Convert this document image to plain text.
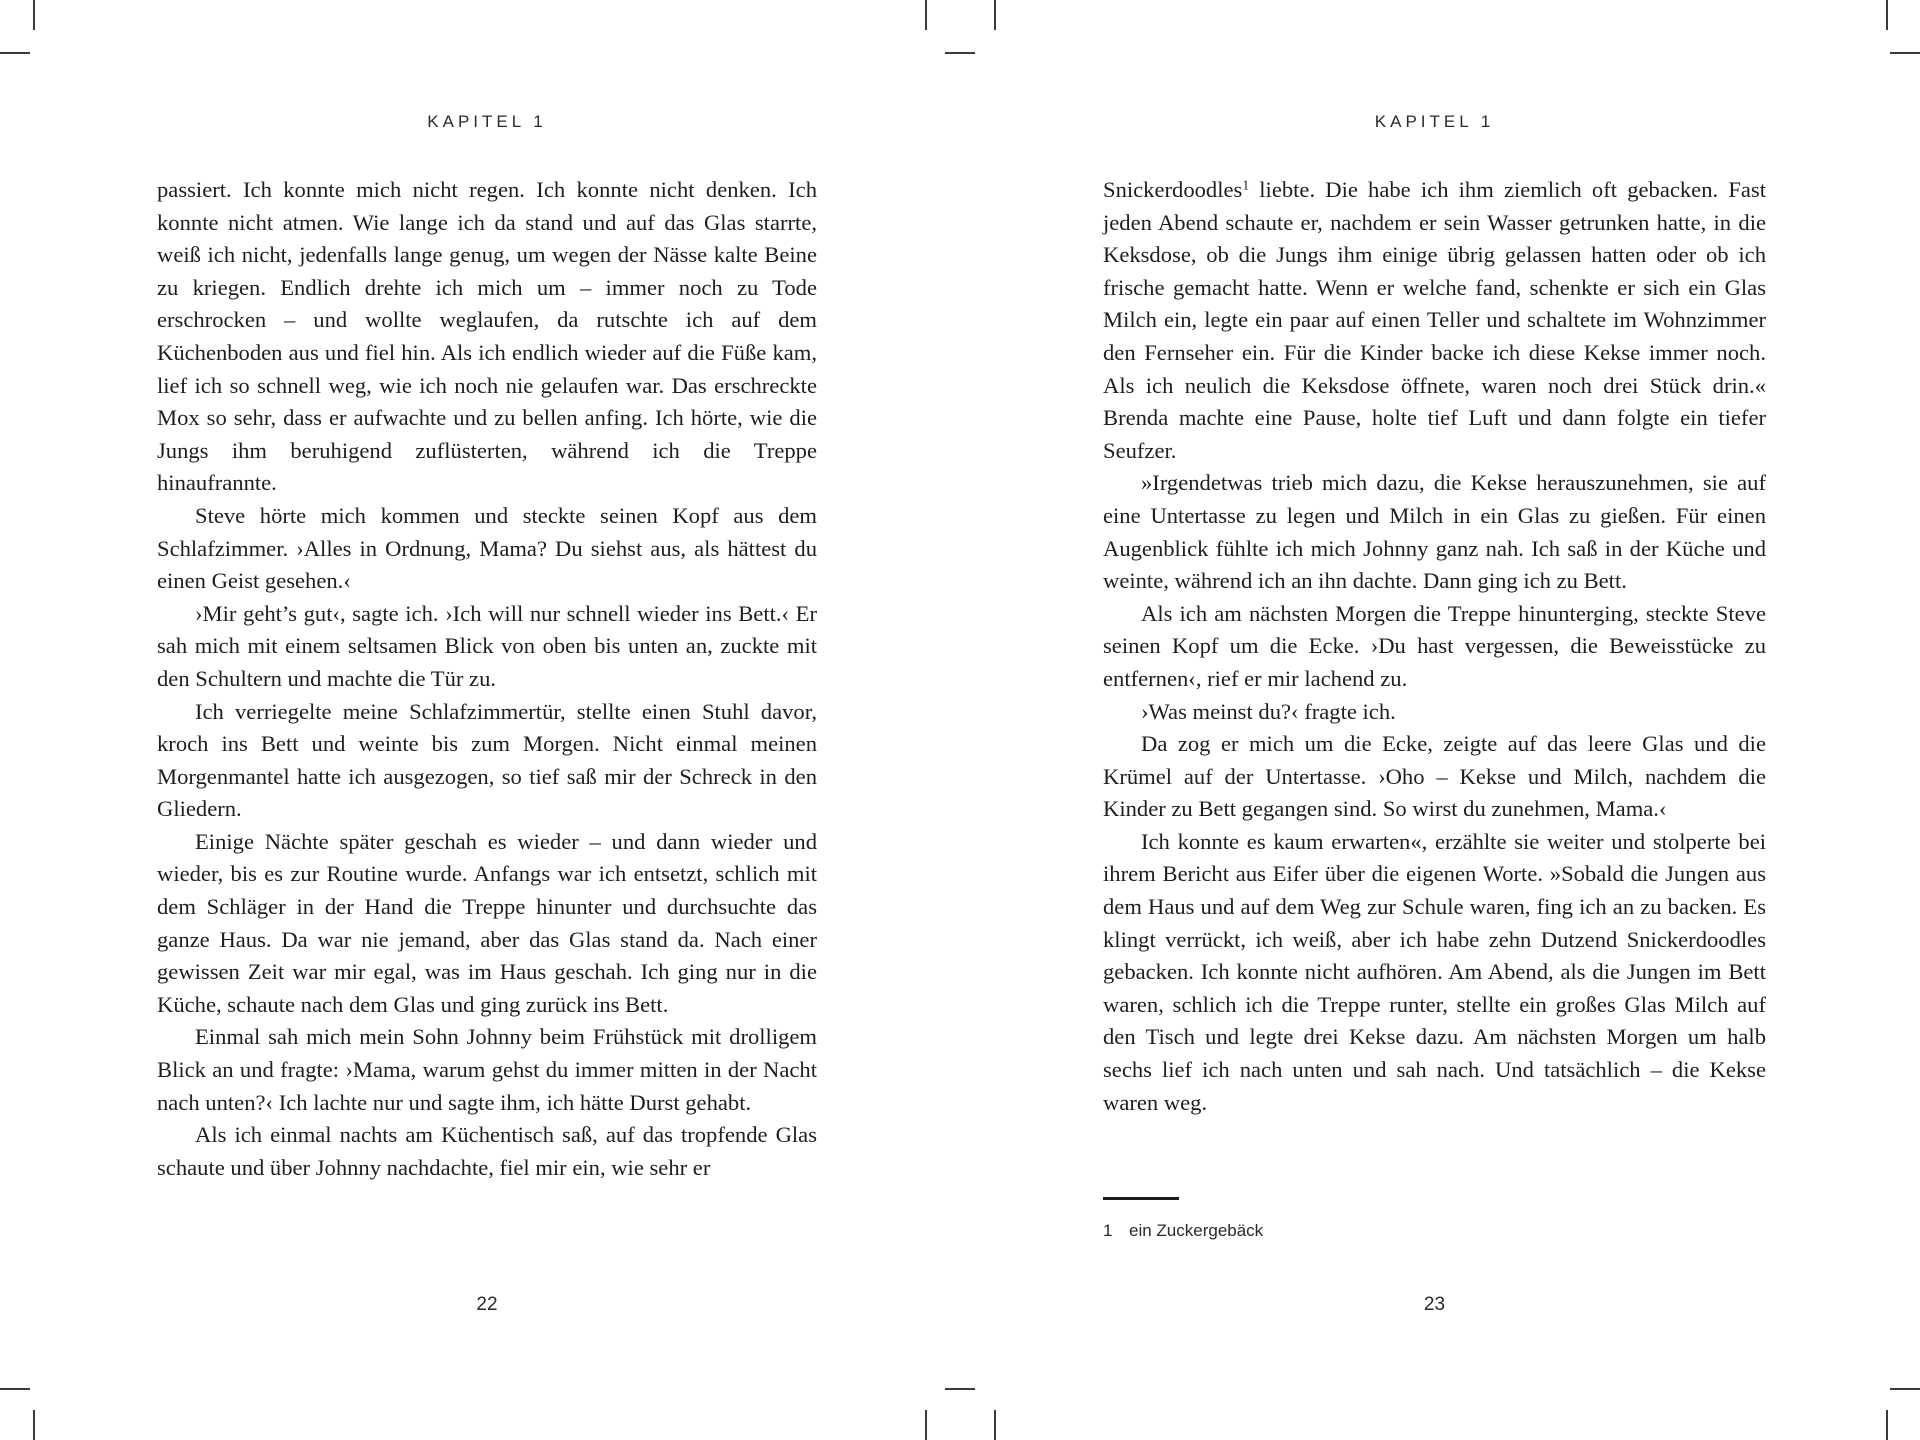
KAPITEL 1

passiert. Ich konnte mich nicht regen. Ich konnte nicht denken. Ich konnte nicht atmen. Wie lange ich da stand und auf das Glas starrte, weiß ich nicht, jedenfalls lange genug, um wegen der Nässe kalte Beine zu kriegen. Endlich drehte ich mich um – immer noch zu Tode erschrocken – und wollte weglaufen, da rutschte ich auf dem Küchenboden aus und fiel hin. Als ich endlich wieder auf die Füße kam, lief ich so schnell weg, wie ich noch nie gelaufen war. Das erschreckte Mox so sehr, dass er aufwachte und zu bellen anfing. Ich hörte, wie die Jungs ihm beruhigend zuflüsterten, während ich die Treppe hinaufrannte.

Steve hörte mich kommen und steckte seinen Kopf aus dem Schlafzimmer. ›Alles in Ordnung, Mama? Du siehst aus, als hättest du einen Geist gesehen.‹

›Mir geht’s gut‹, sagte ich. ›Ich will nur schnell wieder ins Bett.‹ Er sah mich mit einem seltsamen Blick von oben bis unten an, zuckte mit den Schultern und machte die Tür zu.

Ich verriegelte meine Schlafzimmertür, stellte einen Stuhl davor, kroch ins Bett und weinte bis zum Morgen. Nicht einmal meinen Morgenmantel hatte ich ausgezogen, so tief saß mir der Schreck in den Gliedern.

Einige Nächte später geschah es wieder – und dann wieder und wieder, bis es zur Routine wurde. Anfangs war ich entsetzt, schlich mit dem Schläger in der Hand die Treppe hinunter und durchsuchte das ganze Haus. Da war nie jemand, aber das Glas stand da. Nach einer gewissen Zeit war mir egal, was im Haus geschah. Ich ging nur in die Küche, schaute nach dem Glas und ging zurück ins Bett.

Einmal sah mich mein Sohn Johnny beim Frühstück mit drolligem Blick an und fragte: ›Mama, warum gehst du immer mitten in der Nacht nach unten?‹ Ich lachte nur und sagte ihm, ich hätte Durst gehabt.

Als ich einmal nachts am Küchentisch saß, auf das tropfende Glas schaute und über Johnny nachdachte, fiel mir ein, wie sehr er

22
KAPITEL 1

Snickerdoodles$^1$ liebte. Die habe ich ihm ziemlich oft gebacken. Fast jeden Abend schaute er, nachdem er sein Wasser getrunken hatte, in die Keksdose, ob die Jungs ihm einige übrig gelassen hatten oder ob ich frische gemacht hatte. Wenn er welche fand, schenkte er sich ein Glas Milch ein, legte ein paar auf einen Teller und schaltete im Wohnzimmer den Fernseher ein. Für die Kinder backe ich diese Kekse immer noch. Als ich neulich die Keksdose öffnete, waren noch drei Stück drin.« Brenda machte eine Pause, holte tief Luft und dann folgte ein tiefer Seufzer.

»Irgendetwas trieb mich dazu, die Kekse herauszunehmen, sie auf eine Untertasse zu legen und Milch in ein Glas zu gießen. Für einen Augenblick fühlte ich mich Johnny ganz nah. Ich saß in der Küche und weinte, während ich an ihn dachte. Dann ging ich zu Bett.

Als ich am nächsten Morgen die Treppe hinunterging, steckte Steve seinen Kopf um die Ecke. ›Du hast vergessen, die Beweisstücke zu entfernen‹, rief er mir lachend zu.

›Was meinst du?‹ fragte ich.

Da zog er mich um die Ecke, zeigte auf das leere Glas und die Krümel auf der Untertasse. ›Oho – Kekse und Milch, nachdem die Kinder zu Bett gegangen sind. So wirst du zunehmen, Mama.‹

Ich konnte es kaum erwarten«, erzählte sie weiter und stolperte bei ihrem Bericht aus Eifer über die eigenen Worte. »Sobald die Jungen aus dem Haus und auf dem Weg zur Schule waren, fing ich an zu backen. Es klingt verrückt, ich weiß, aber ich habe zehn Dutzend Snickerdoodles gebacken. Ich konnte nicht aufhören. Am Abend, als die Jungen im Bett waren, schlich ich die Treppe runter, stellte ein großes Glas Milch auf den Tisch und legte drei Kekse dazu. Am nächsten Morgen um halb sechs lief ich nach unten und sah nach. Und tatsächlich – die Kekse waren weg.

1 ein Zuckergebäck
23
